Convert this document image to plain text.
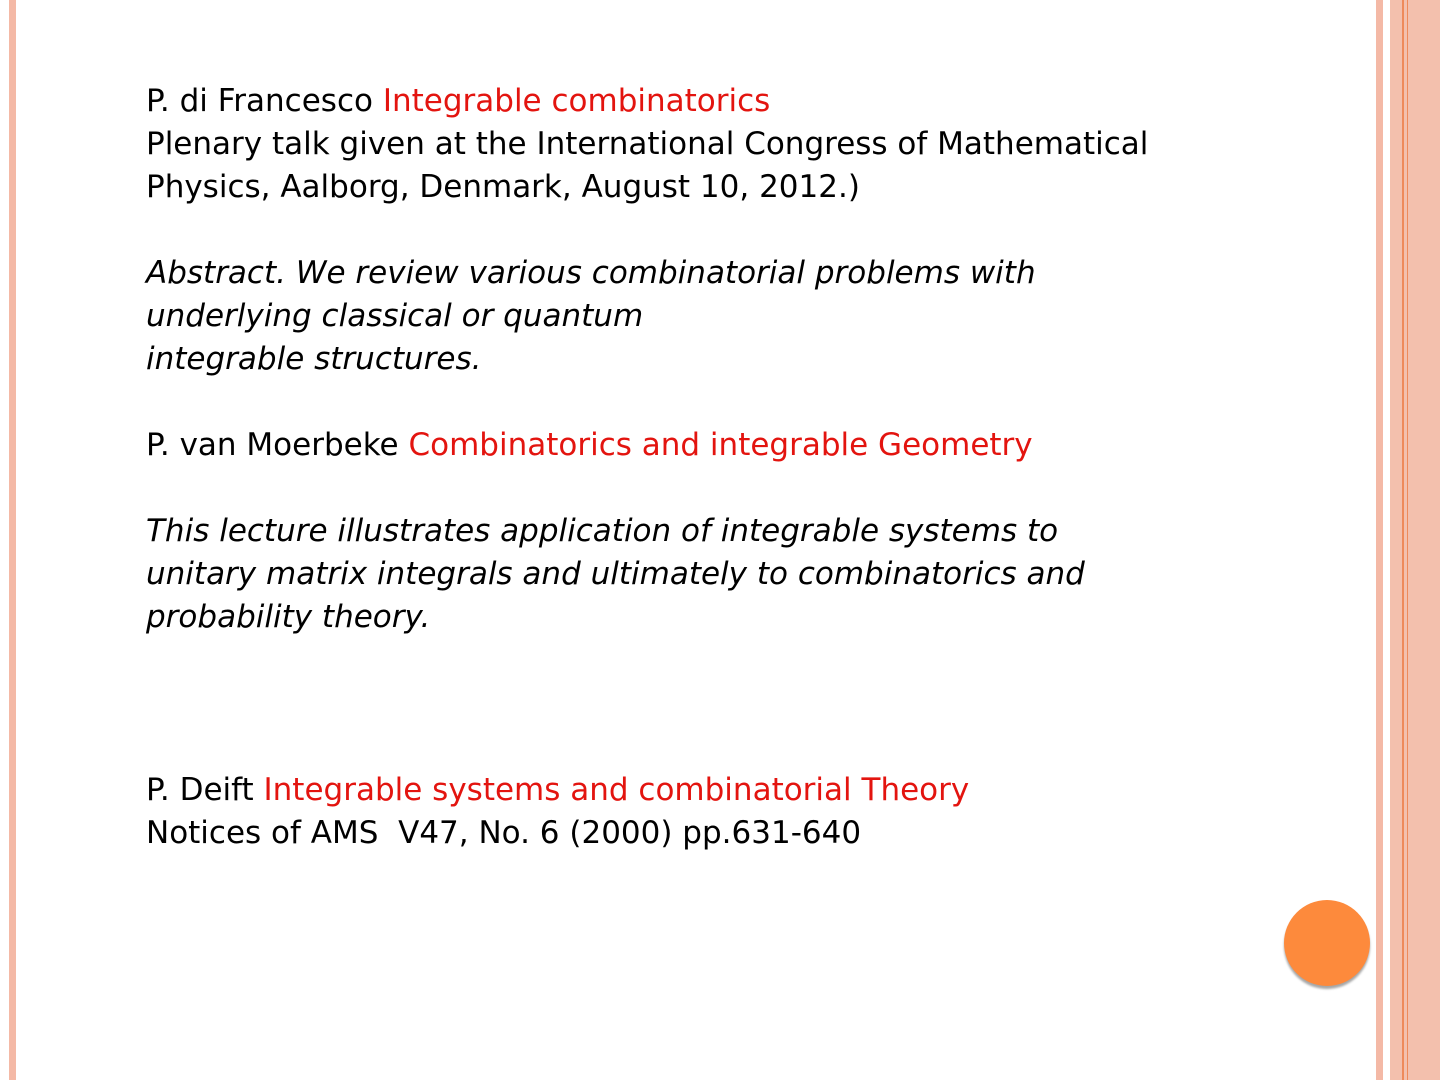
P. di Francesco Integrable combinatorics

Plenary talk given at the International Congress of Mathematical

Physics, Aalborg, Denmark, August 10, 2012.)

Abstract. We review various combinatorial problems with

underlying classical or quantum

integrable structures.

P. van Moerbeke Combinatorics and integrable Geometry

This lecture illustrates application of integrable systems to

unitary matrix integrals and ultimately to combinatorics and

probability theory.

P. Deift Integrable systems and combinatorial Theory

Notices of AMS  V47, No. 6 (2000) pp.631-640
